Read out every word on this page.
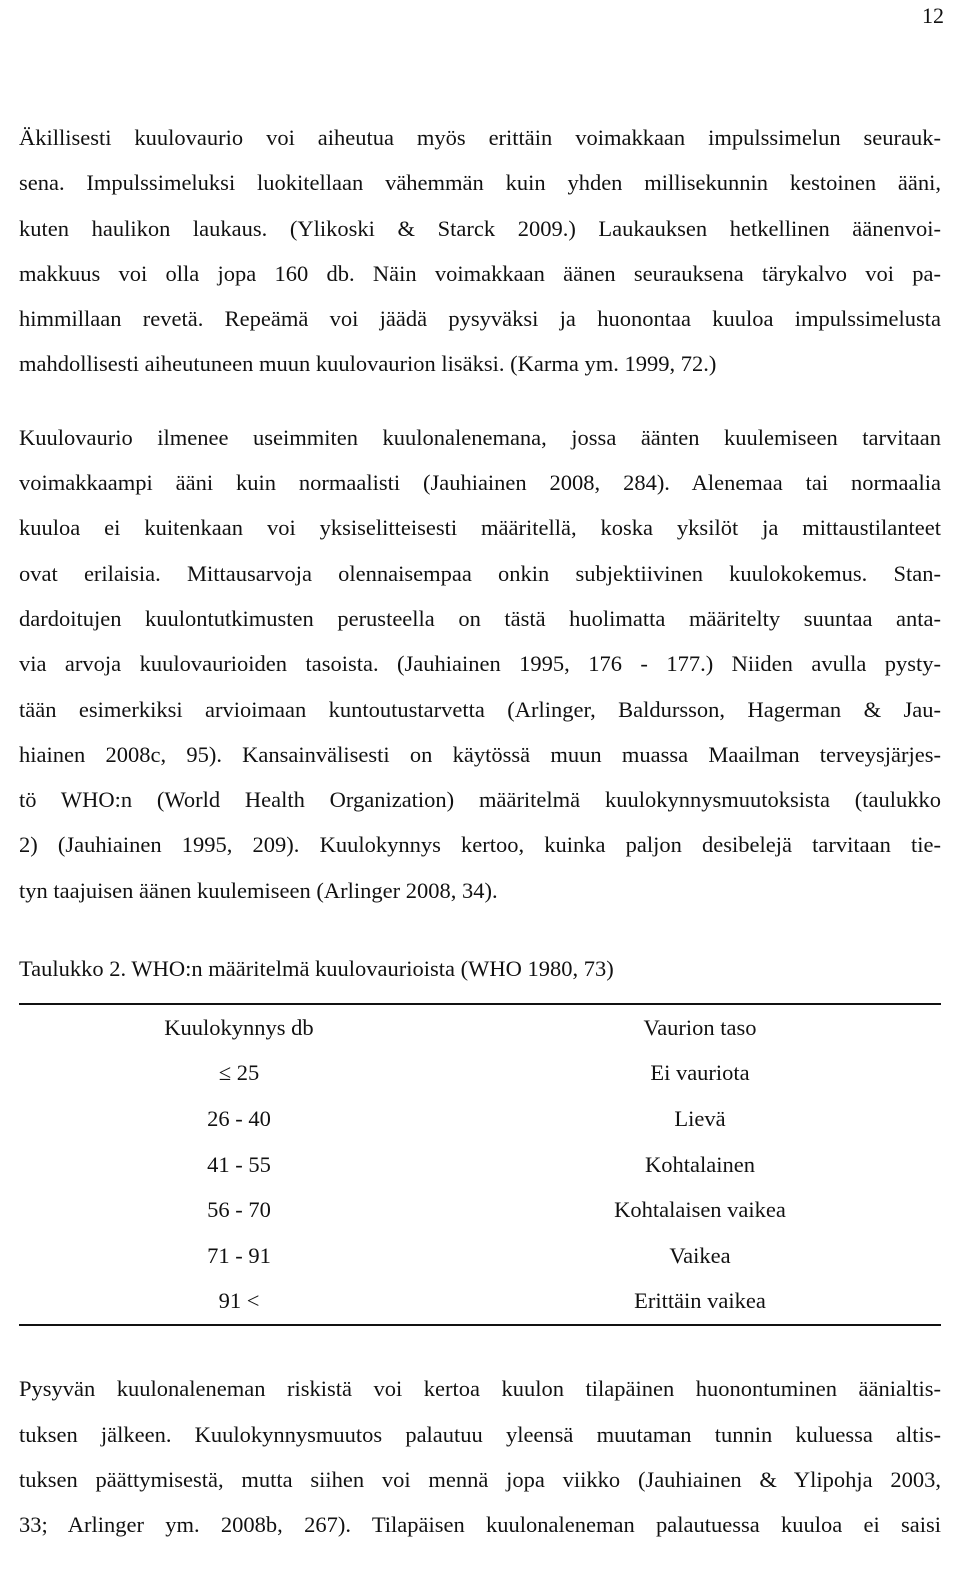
12

Äkillisesti kuulovaurio voi aiheutua myös erittäin voimakkaan impulssimelun seurauk-
sena. Impulssimeluksi luokitellaan vähemmän kuin yhden millisekunnin kestoinen ääni,
kuten haulikon laukaus. (Ylikoski & Starck 2009.) Laukauksen hetkellinen äänenvoi-
makkuus voi olla jopa 160 db. Näin voimakkaan äänen seurauksena tärykalvo voi pa-
himmillaan revetä. Repeämä voi jäädä pysyväksi ja huonontaa kuuloa impulssimelusta
mahdollisesti aiheutuneen muun kuulovaurion lisäksi. (Karma ym. 1999, 72.)

Kuulovaurio ilmenee useimmiten kuulonalenemana, jossa äänten kuulemiseen tarvitaan
voimakkaampi ääni kuin normaalisti (Jauhiainen 2008, 284). Alenemaa tai normaalia
kuuloa ei kuitenkaan voi yksiselitteisesti määritellä, koska yksilöt ja mittaustilanteet
ovat erilaisia. Mittausarvoja olennaisempaa onkin subjektiivinen kuulokokemus. Stan-
dardoitujen kuulontutkimusten perusteella on tästä huolimatta määritelty suuntaa anta-
via arvoja kuulovaurioiden tasoista. (Jauhiainen 1995, 176 - 177.) Niiden avulla pysty-
tään esimerkiksi arvioimaan kuntoutustarvetta (Arlinger, Baldursson, Hagerman & Jau-
hiainen 2008c, 95). Kansainvälisesti on käytössä muun muassa Maailman terveysjärjes-
tö WHO:n (World Health Organization) määritelmä kuulokynnysmuutoksista (taulukko
2) (Jauhiainen 1995, 209). Kuulokynnys kertoo, kuinka paljon desibelejä tarvitaan tie-
tyn taajuisen äänen kuulemiseen (Arlinger 2008, 34).

Taulukko 2. WHO:n määritelmä kuulovaurioista (WHO 1980, 73)

Kuulokynnys db	Vaurion taso
≤ 25	Ei vauriota
26 - 40	Lievä
41 - 55	Kohtalainen
56 - 70	Kohtalaisen vaikea
71 - 91	Vaikea
91 <	Erittäin vaikea

Pysyvän kuulonaleneman riskistä voi kertoa kuulon tilapäinen huonontuminen äänialtis-
tuksen jälkeen. Kuulokynnysmuutos palautuu yleensä muutaman tunnin kuluessa altis-
tuksen päättymisestä, mutta siihen voi mennä jopa viikko (Jauhiainen & Ylipohja 2003,
33; Arlinger ym. 2008b, 267). Tilapäisen kuulonaleneman palautuessa kuuloa ei saisi
